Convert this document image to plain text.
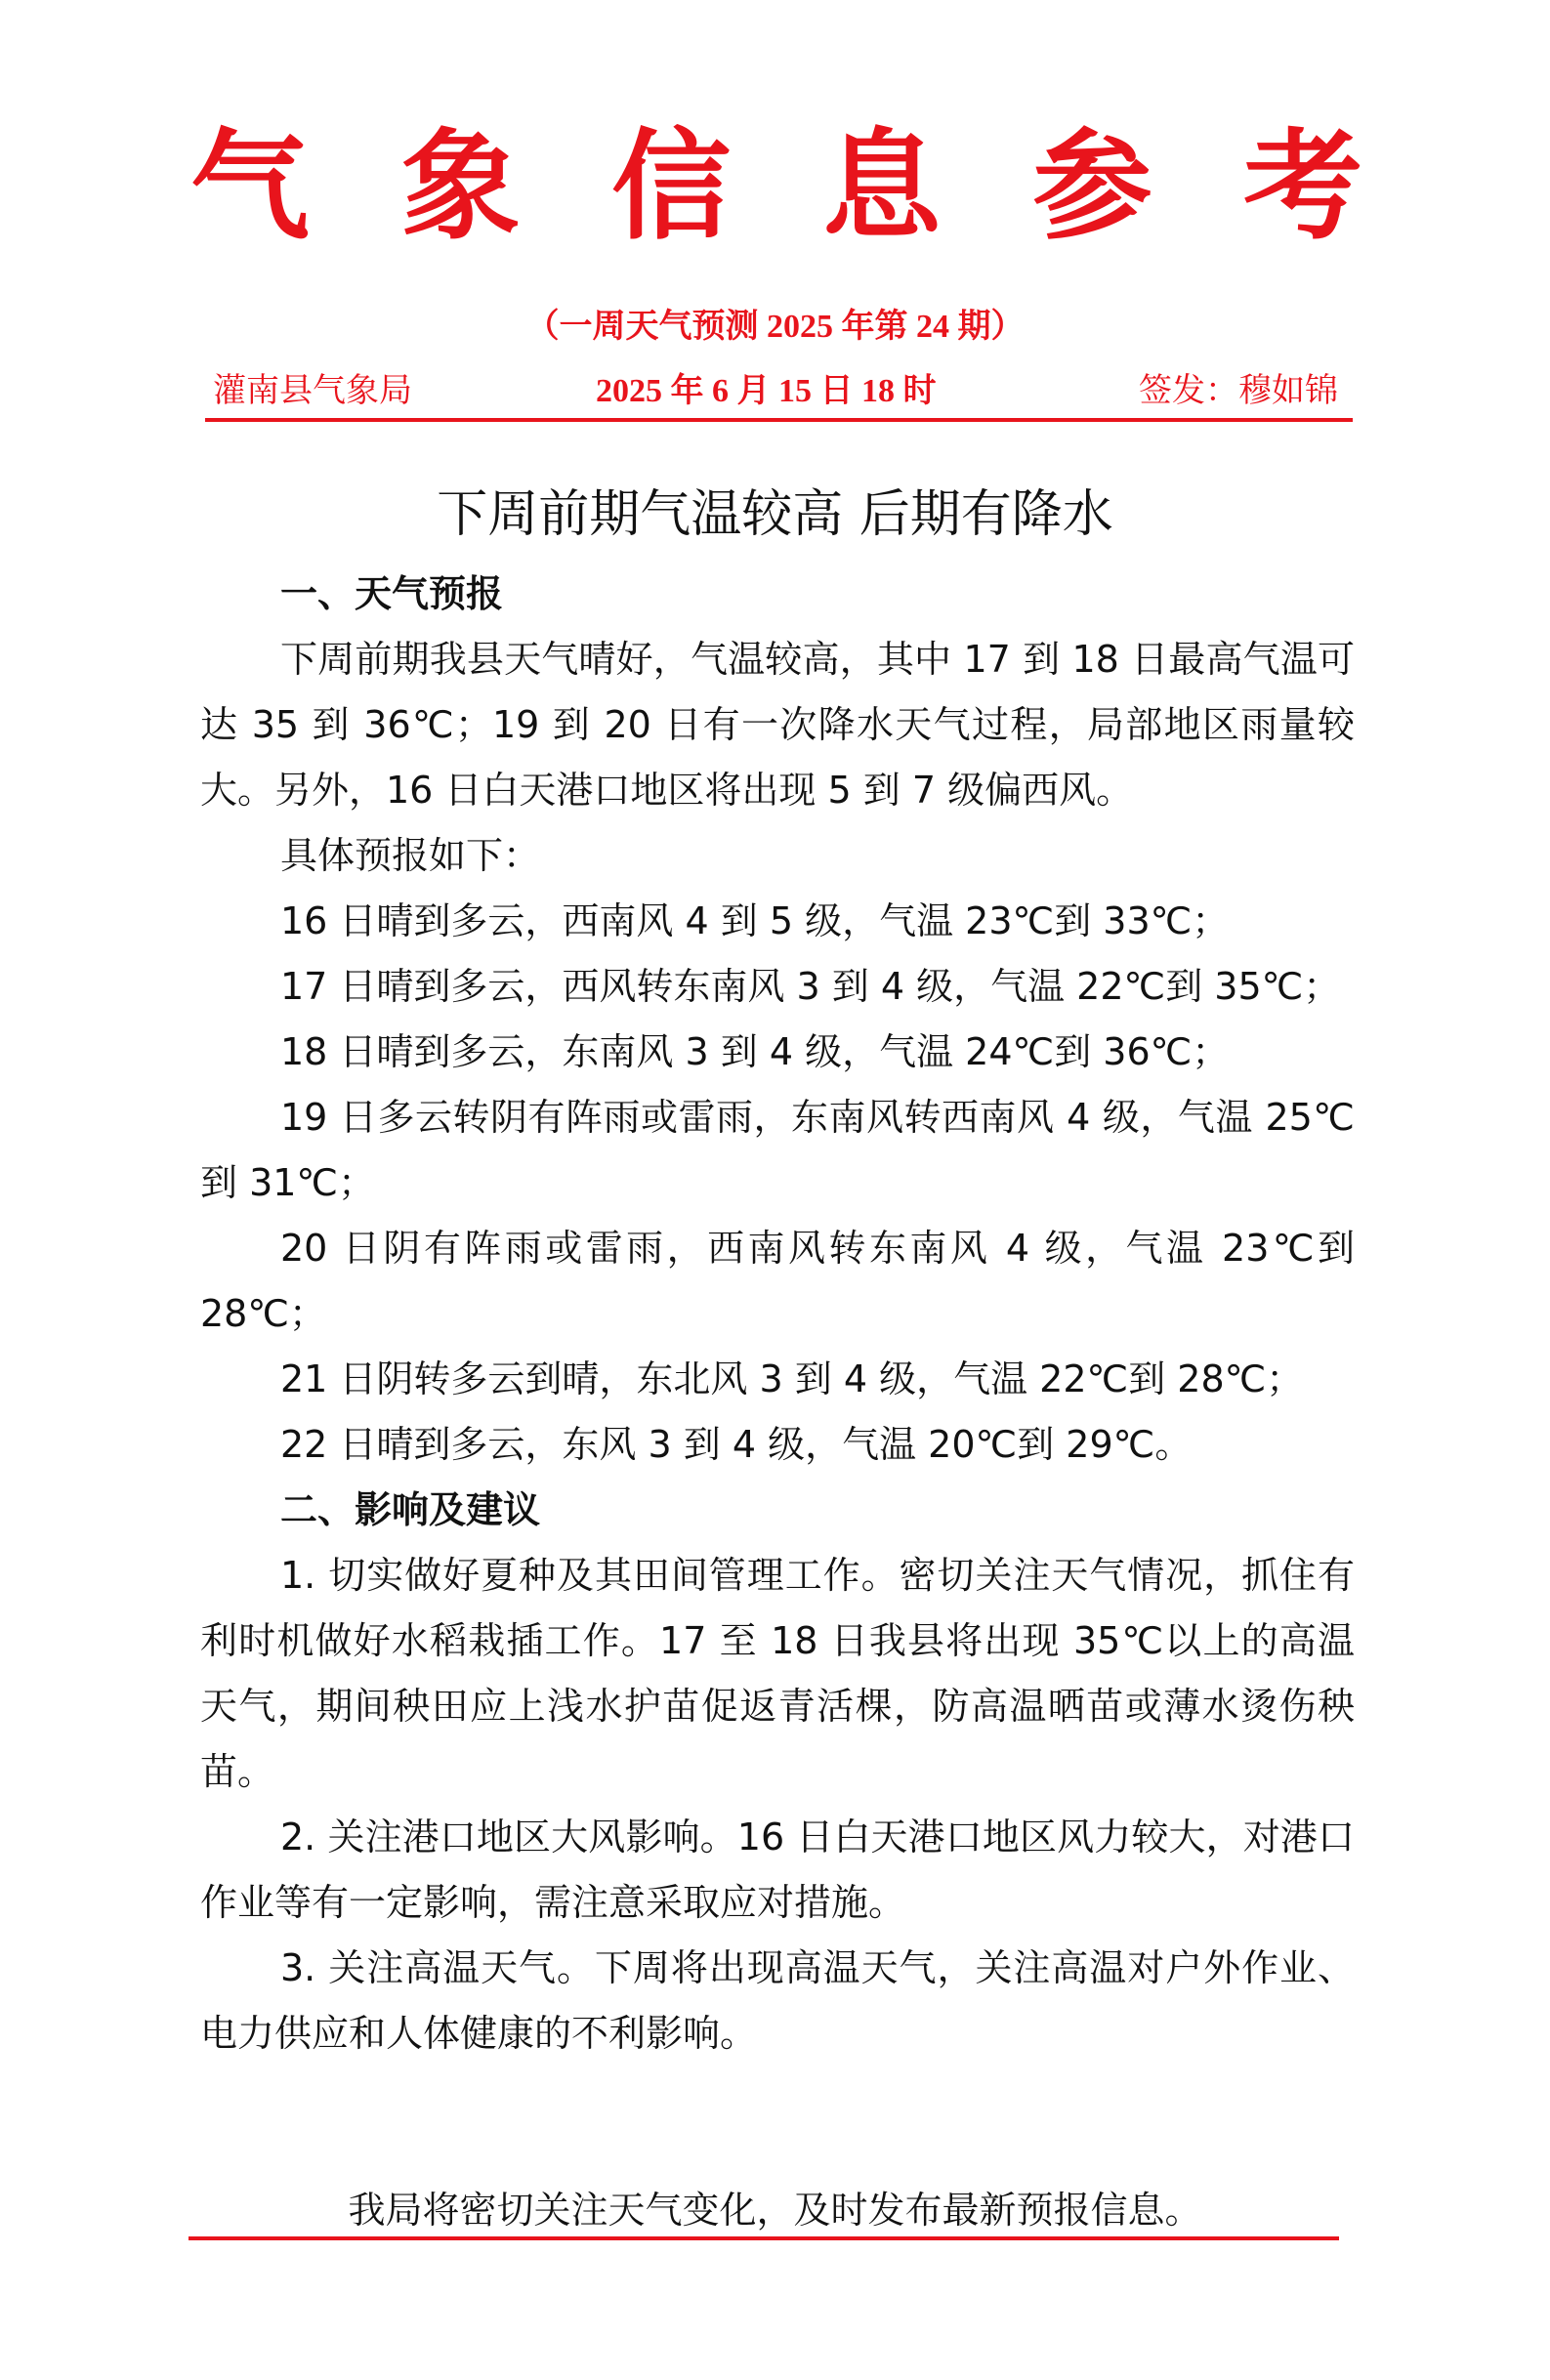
气 象 信 息 参 考
（一周天气预测 2025 年第 24 期）
灌南县气象局	2025 年 6 月 15 日 18 时	签发：穆如锦
下周前期气温较高 后期有降水

一、天气预报

下周前期我县天气晴好，气温较高，其中 17 到 18 日最高气温可达 35 到 36℃；19 到 20 日有一次降水天气过程，局部地区雨量较大。另外，16 日白天港口地区将出现 5 到 7 级偏西风。

具体预报如下：

16 日晴到多云，西南风 4 到 5 级，气温 23℃到 33℃；

17 日晴到多云，西风转东南风 3 到 4 级，气温 22℃到 35℃；

18 日晴到多云，东南风 3 到 4 级，气温 24℃到 36℃；

19 日多云转阴有阵雨或雷雨，东南风转西南风 4 级，气温 25℃到 31℃；

20 日阴有阵雨或雷雨，西南风转东南风 4 级，气温 23℃到 28℃；

21 日阴转多云到晴，东北风 3 到 4 级，气温 22℃到 28℃；

22 日晴到多云，东风 3 到 4 级，气温 20℃到 29℃。

二、影响及建议

1. 切实做好夏种及其田间管理工作。密切关注天气情况，抓住有利时机做好水稻栽插工作。17 至 18 日我县将出现 35℃以上的高温天气，期间秧田应上浅水护苗促返青活棵，防高温晒苗或薄水烫伤秧苗。

2. 关注港口地区大风影响。16 日白天港口地区风力较大，对港口作业等有一定影响，需注意采取应对措施。

3. 关注高温天气。下周将出现高温天气，关注高温对户外作业、电力供应和人体健康的不利影响。

我局将密切关注天气变化，及时发布最新预报信息。
